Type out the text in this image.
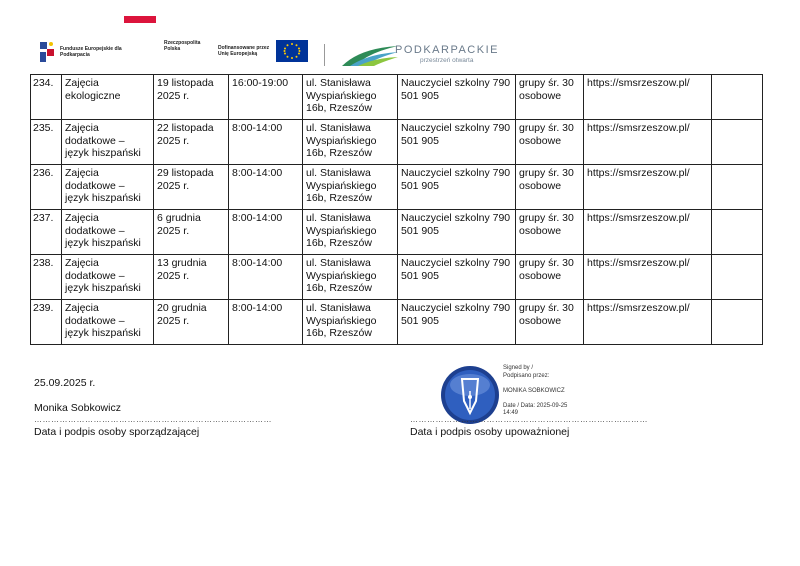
Fundusze Europejskie dla Podkarpacia
Rzeczpospolita Polska	Dofinansowane przez Unię Europejską	PODKARPACKIE
przestrzeń otwarta
234.	Zajęcia ekologiczne	19 listopada 2025 r.	16:00-19:00	ul. Stanisława Wyspiańskiego 16b, Rzeszów	Nauczyciel szkolny 790 501 905	grupy śr. 30 osobowe	https://smsrzeszow.pl/	
235.	Zajęcia dodatkowe – język hiszpański	22 listopada 2025 r.	8:00-14:00	ul. Stanisława Wyspiańskiego 16b, Rzeszów	Nauczyciel szkolny 790 501 905	grupy śr. 30 osobowe	https://smsrzeszow.pl/	
236.	Zajęcia dodatkowe – język hiszpański	29 listopada 2025 r.	8:00-14:00	ul. Stanisława Wyspiańskiego 16b, Rzeszów	Nauczyciel szkolny 790 501 905	grupy śr. 30 osobowe	https://smsrzeszow.pl/	
237.	Zajęcia dodatkowe – język hiszpański	6 grudnia 2025 r.	8:00-14:00	ul. Stanisława Wyspiańskiego 16b, Rzeszów	Nauczyciel szkolny 790 501 905	grupy śr. 30 osobowe	https://smsrzeszow.pl/	
238.	Zajęcia dodatkowe – język hiszpański	13 grudnia 2025 r.	8:00-14:00	ul. Stanisława Wyspiańskiego 16b, Rzeszów	Nauczyciel szkolny 790 501 905	grupy śr. 30 osobowe	https://smsrzeszow.pl/	
239.	Zajęcia dodatkowe – język hiszpański	20 grudnia 2025 r.	8:00-14:00	ul. Stanisława Wyspiańskiego 16b, Rzeszów	Nauczyciel szkolny 790 501 905	grupy śr. 30 osobowe	https://smsrzeszow.pl/	
25.09.2025 r.
Monika Sobkowicz
…………………………………………………………………………
Data i podpis osoby sporządzającej
Signed by /
Podpisano przez:
MONIKA SOBKOWICZ
Date / Data: 2025-09-25 14:49
…………………………………………………………………………
Data i podpis osoby upoważnionej
